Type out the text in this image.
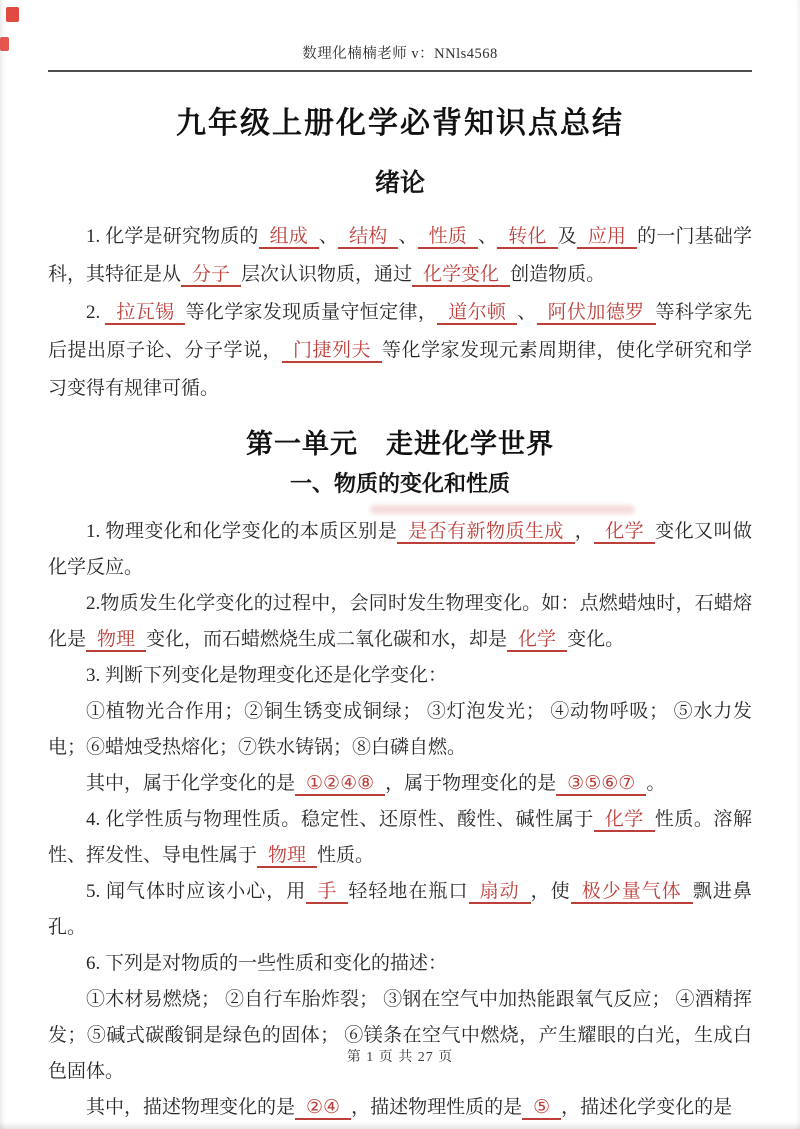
数理化楠楠老师 v：NNls4568
九年级上册化学必背知识点总结
绪论

1. 化学是研究物质的 组成 、 结构 、 性质 、 转化 及 应用 的一门基础学科，其特征是从 分子 层次认识物质，通过 化学变化 创造物质。

2. 拉瓦锡 等化学家发现质量守恒定律， 道尔顿 、 阿伏加德罗 等科学家先后提出原子论、分子学说， 门捷列夫 等化学家发现元素周期律，使化学研究和学习变得有规律可循。

第一单元　走进化学世界
一、物质的变化和性质

1. 物理变化和化学变化的本质区别是 是否有新物质生成 ， 化学 变化又叫做化学反应。

2.物质发生化学变化的过程中，会同时发生物理变化。如：点燃蜡烛时，石蜡熔化是 物理 变化，而石蜡燃烧生成二氧化碳和水，却是 化学 变化。

3. 判断下列变化是物理变化还是化学变化：

①植物光合作用；②铜生锈变成铜绿； ③灯泡发光； ④动物呼吸； ⑤水力发电；⑥蜡烛受热熔化；⑦铁水铸锅；⑧白磷自燃。

其中，属于化学变化的是 ①②④⑧ ，属于物理变化的是 ③⑤⑥⑦ 。

4. 化学性质与物理性质。稳定性、还原性、酸性、碱性属于 化学 性质。溶解性、挥发性、导电性属于 物理 性质。

5. 闻气体时应该小心，用 手 轻轻地在瓶口 扇动 ，使 极少量气体 飘进鼻孔。

6. 下列是对物质的一些性质和变化的描述：

①木材易燃烧； ②自行车胎炸裂； ③钢在空气中加热能跟氧气反应； ④酒精挥发；⑤碱式碳酸铜是绿色的固体； ⑥镁条在空气中燃烧，产生耀眼的白光，生成白色固体。

其中，描述物理变化的是 ②④ ，描述物理性质的是 ⑤ ，描述化学变化的是

第 1 页 共 27 页
